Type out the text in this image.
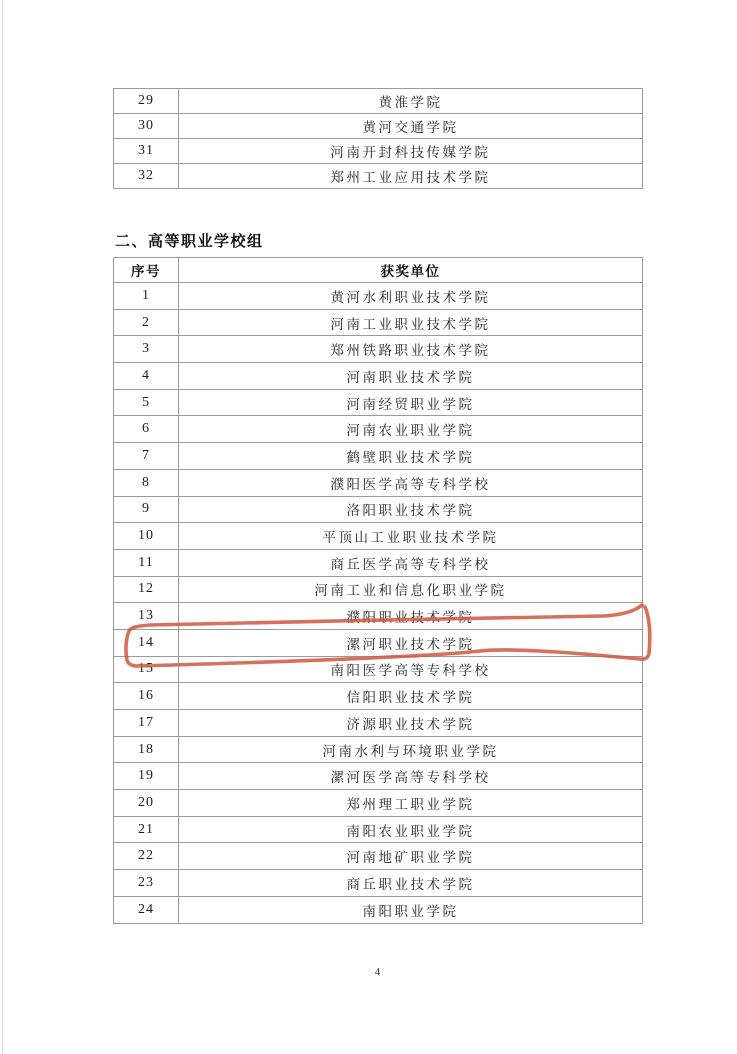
29	黄淮学院
30	黄河交通学院
31	河南开封科技传媒学院
32	郑州工业应用技术学院
二、高等职业学校组
序号	获奖单位
1	黄河水利职业技术学院
2	河南工业职业技术学院
3	郑州铁路职业技术学院
4	河南职业技术学院
5	河南经贸职业学院
6	河南农业职业学院
7	鹤壁职业技术学院
8	濮阳医学高等专科学校
9	洛阳职业技术学院
10	平顶山工业职业技术学院
11	商丘医学高等专科学校
12	河南工业和信息化职业学院
13	濮阳职业技术学院
14	漯河职业技术学院
15	南阳医学高等专科学校
16	信阳职业技术学院
17	济源职业技术学院
18	河南水利与环境职业学院
19	漯河医学高等专科学校
20	郑州理工职业学院
21	南阳农业职业学院
22	河南地矿职业学院
23	商丘职业技术学院
24	南阳职业学院
4
